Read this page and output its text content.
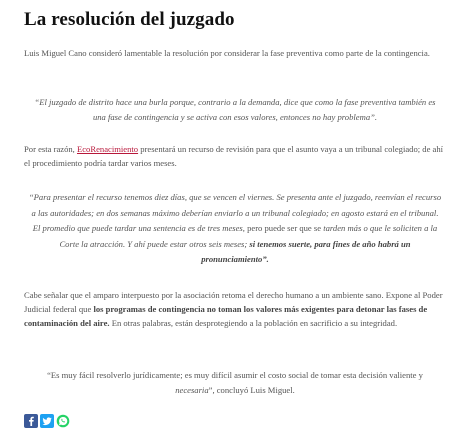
La resolución del juzgado

Luis Miguel Cano consideró lamentable la resolución por considerar la fase preventiva como parte de la contingencia.

“El juzgado de distrito hace una burla porque, contrario a la demanda, dice que como la fase preventiva también es una fase de contingencia y se activa con esos valores, entonces no hay problema”.

Por esta razón, EcoRenacimiento presentará un recurso de revisión para que el asunto vaya a un tribunal colegiado; de ahí el procedimiento podría tardar varios meses.

“Para presentar el recurso tenemos diez días, que se vencen el viernes. Se presenta ante el juzgado, reenvían el recurso a las autoridades; en dos semanas máximo deberían enviarlo a un tribunal colegiado; en agosto estará en el tribunal. El promedio que puede tardar una sentencia es de tres meses, pero puede ser que se tarden más o que le soliciten a la Corte la atracción. Y ahí puede estar otros seis meses; si tenemos suerte, para fines de año habrá un pronunciamiento”.

Cabe señalar que el amparo interpuesto por la asociación retoma el derecho humano a un ambiente sano. Expone al Poder Judicial federal que los programas de contingencia no toman los valores más exigentes para detonar las fases de contaminación del aire. En otras palabras, están desprotegiendo a la población en sacrificio a su integridad.

“Es muy fácil resolverlo jurídicamente; es muy difícil asumir el costo social de tomar esta decisión valiente y necesaria”, concluyó Luis Miguel.
